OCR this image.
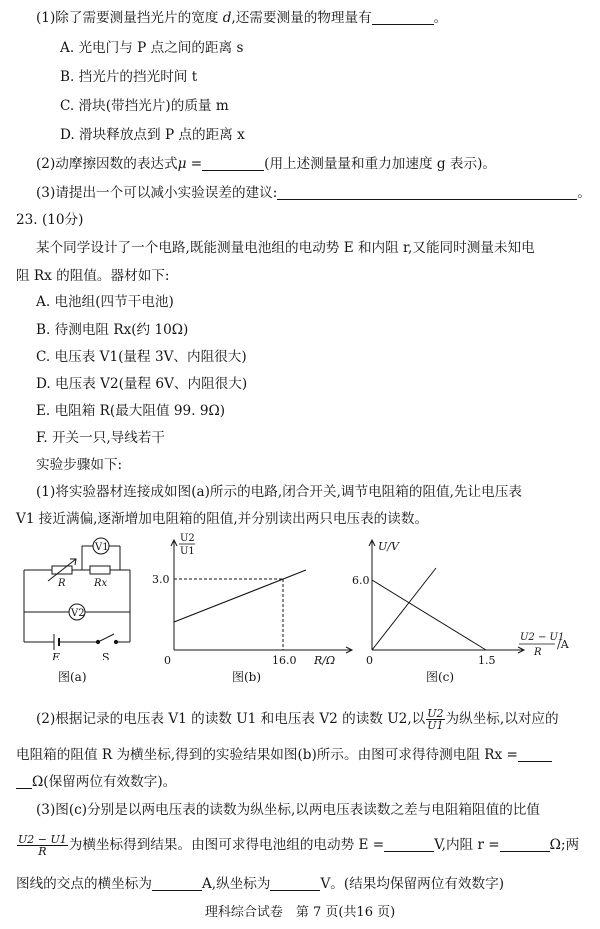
(1)除了需要测量挡光片的宽度 d,还需要测量的物理量有	。
A. 光电门与 P 点之间的距离 s
B. 挡光片的挡光时间 t
C. 滑块(带挡光片)的质量 m
D. 滑块释放点到 P 点的距离 x
(2)动摩擦因数的表达式μ =	(用上述测量量和重力加速度 g 表示)。
(3)请提出一个可以减小实验误差的建议:	。
23. (10分)
某个同学设计了一个电路,既能测量电池组的电动势 E 和内阻 r,又能同时测量未知电
阻 Rx 的阻值。器材如下:
A. 电池组(四节干电池)
B. 待测电阻 Rx(约 10Ω)
C. 电压表 V1(量程 3V、内阻很大)
D. 电压表 V2(量程 6V、内阻很大)
E. 电阻箱 R(最大阻值 99. 9Ω)
F. 开关一只,导线若干
实验步骤如下:
(1)将实验器材连接成如图(a)所示的电路,闭合开关,调节电阻箱的阻值,先让电压表
V1 接近满偏,逐渐增加电阻箱的阻值,并分别读出两只电压表的读数。
V1
V2
R	Rx
E	S
图(a)
U2
U1
3.0
16.0 R/Ω
0
图(b)
U/V
6.0
1.5
0
U2 − U1
R
/A
图(c)
(2)根据记录的电压表 V1 的读数 U1 和电压表 V2 的读数 U2,以 $\frac{U2}{U1}$ 为纵坐标,以对应的
电阻箱的阻值 R 为横坐标,得到的实验结果如图(b)所示。由图可求得待测电阻 Rx =
Ω(保留两位有效数字)。
(3)图(c)分别是以两电压表的读数为纵坐标,以两电压表读数之差与电阻箱阻值的比值
$\frac{U2 - U1}{R}$ 为横坐标得到结果。由图可求得电池组的电动势 E =	V,内阻 r =	Ω;两
图线的交点的横坐标为	A,纵坐标为	V。(结果均保留两位有效数字)
理科综合试卷　第 7 页(共16 页)
